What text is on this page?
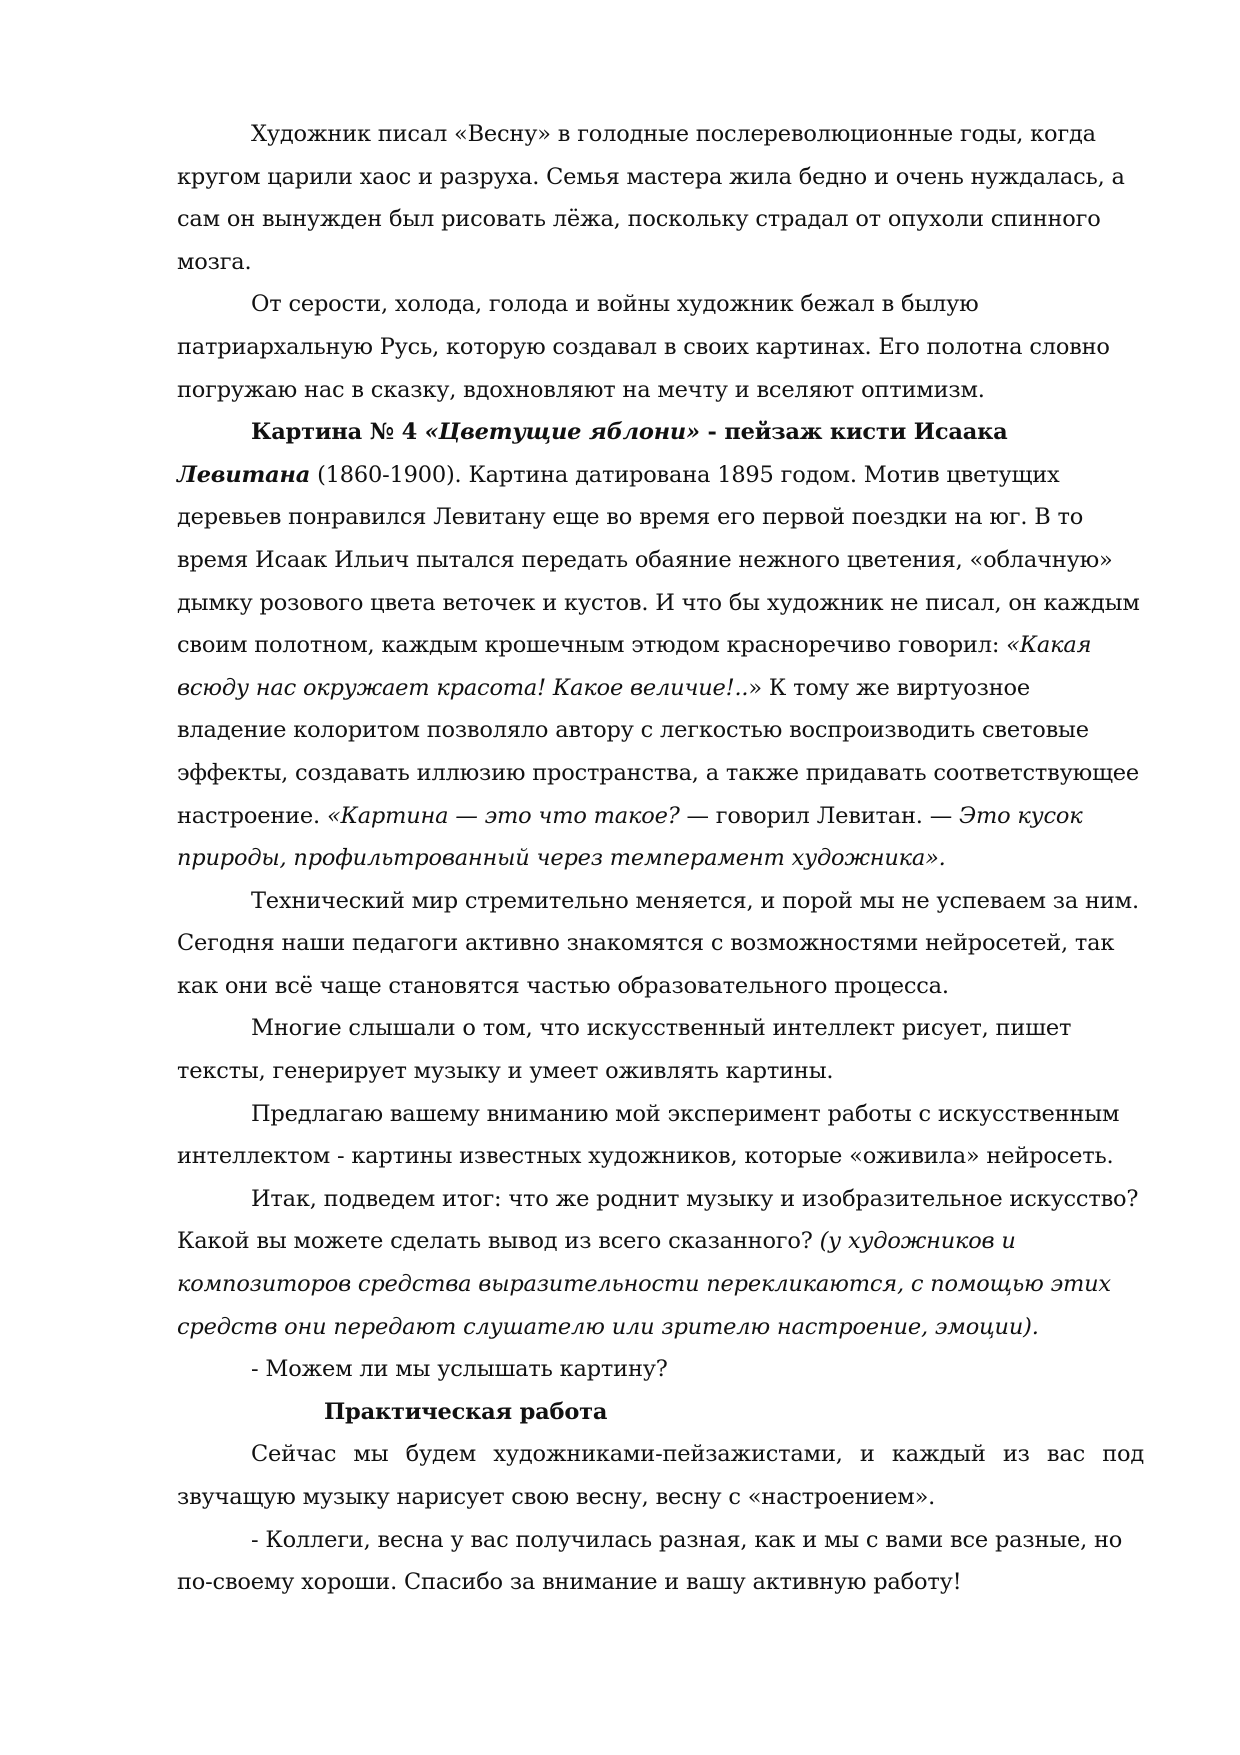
Художник писал «Весну» в голодные послереволюционные годы, когда кругом царили хаос и разруха. Семья мастера жила бедно и очень нуждалась, а сам он вынужден был рисовать лёжа, поскольку страдал от опухоли спинного мозга.

От серости, холода, голода и войны художник бежал в былую патриархальную Русь, которую создавал в своих картинах. Его полотна словно погружаю нас в сказку, вдохновляют на мечту и вселяют оптимизм.

Картина № 4 «Цветущие яблони» - пейзаж кисти Исаака Левитана (1860-1900). Картина датирована 1895 годом. Мотив цветущих деревьев понравился Левитану еще во время его первой поездки на юг. В то время Исаак Ильич пытался передать обаяние нежного цветения, «облачную» дымку розового цвета веточек и кустов. И что бы художник не писал, он каждым своим полотном, каждым крошечным этюдом красноречиво говорил: «Какая всюду нас окружает красота! Какое величие!..» К тому же виртуозное владение колоритом позволяло автору с легкостью воспроизводить световые эффекты, создавать иллюзию пространства, а также придавать соответствующее настроение. «Картина — это что такое? — говорил Левитан. — Это кусок природы, профильтрованный через темперамент художника».

Технический мир стремительно меняется, и порой мы не успеваем за ним. Сегодня наши педагоги активно знакомятся с возможностями нейросетей, так как они всё чаще становятся частью образовательного процесса.

Многие слышали о том, что искусственный интеллект рисует, пишет тексты, генерирует музыку и умеет оживлять картины.

Предлагаю вашему вниманию мой эксперимент работы с искусственным интеллектом - картины известных художников, которые «оживила» нейросеть.

Итак, подведем итог: что же роднит музыку и изобразительное искусство? Какой вы можете сделать вывод из всего сказанного? (у художников и композиторов средства выразительности перекликаются, с помощью этих средств они передают слушателю или зрителю настроение, эмоции).

- Можем ли мы услышать картину?

Практическая работа

Сейчас мы будем художниками-пейзажистами, и каждый из вас под звучащую музыку нарисует свою весну, весну с «настроением».

- Коллеги, весна у вас получилась разная, как и мы с вами все разные, но по-своему хороши. Спасибо за внимание и вашу активную работу!
